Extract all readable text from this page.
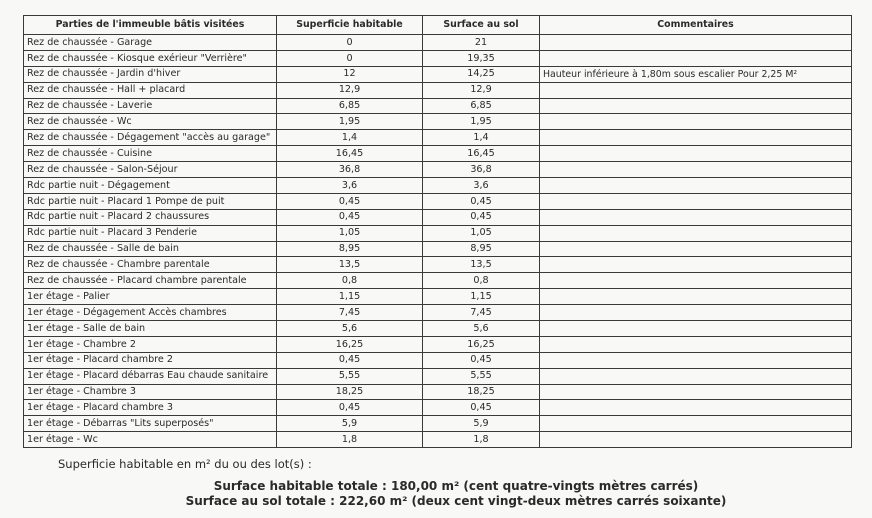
Parties de l'immeuble bâtis visitées	Superficie habitable	Surface au sol	Commentaires
Rez de chaussée - Garage	0	21	
Rez de chaussée - Kiosque exérieur "Verrière"	0	19,35	
Rez de chaussée - Jardin d'hiver	12	14,25	Hauteur inférieure à 1,80m sous escalier Pour 2,25 M²
Rez de chaussée - Hall + placard	12,9	12,9	
Rez de chaussée - Laverie	6,85	6,85	
Rez de chaussée - Wc	1,95	1,95	
Rez de chaussée - Dégagement "accès au garage"	1,4	1,4	
Rez de chaussée - Cuisine	16,45	16,45	
Rez de chaussée - Salon-Séjour	36,8	36,8	
Rdc partie nuit - Dégagement	3,6	3,6	
Rdc partie nuit - Placard 1 Pompe de puit	0,45	0,45	
Rdc partie nuit - Placard 2 chaussures	0,45	0,45	
Rdc partie nuit - Placard 3 Penderie	1,05	1,05	
Rez de chaussée - Salle de bain	8,95	8,95	
Rez de chaussée - Chambre parentale	13,5	13,5	
Rez de chaussée - Placard chambre parentale	0,8	0,8	
1er étage - Palier	1,15	1,15	
1er étage - Dégagement Accès chambres	7,45	7,45	
1er étage - Salle de bain	5,6	5,6	
1er étage - Chambre 2	16,25	16,25	
1er étage - Placard chambre 2	0,45	0,45	
1er étage - Placard débarras Eau chaude sanitaire	5,55	5,55	
1er étage - Chambre 3	18,25	18,25	
1er étage - Placard chambre 3	0,45	0,45	
1er étage - Débarras "Lits superposés"	5,9	5,9	
1er étage - Wc	1,8	1,8	
Superficie habitable en m² du ou des lot(s) :
Surface habitable totale : 180,00 m² (cent quatre-vingts mètres carrés)
Surface au sol totale : 222,60 m² (deux cent vingt-deux mètres carrés soixante)
